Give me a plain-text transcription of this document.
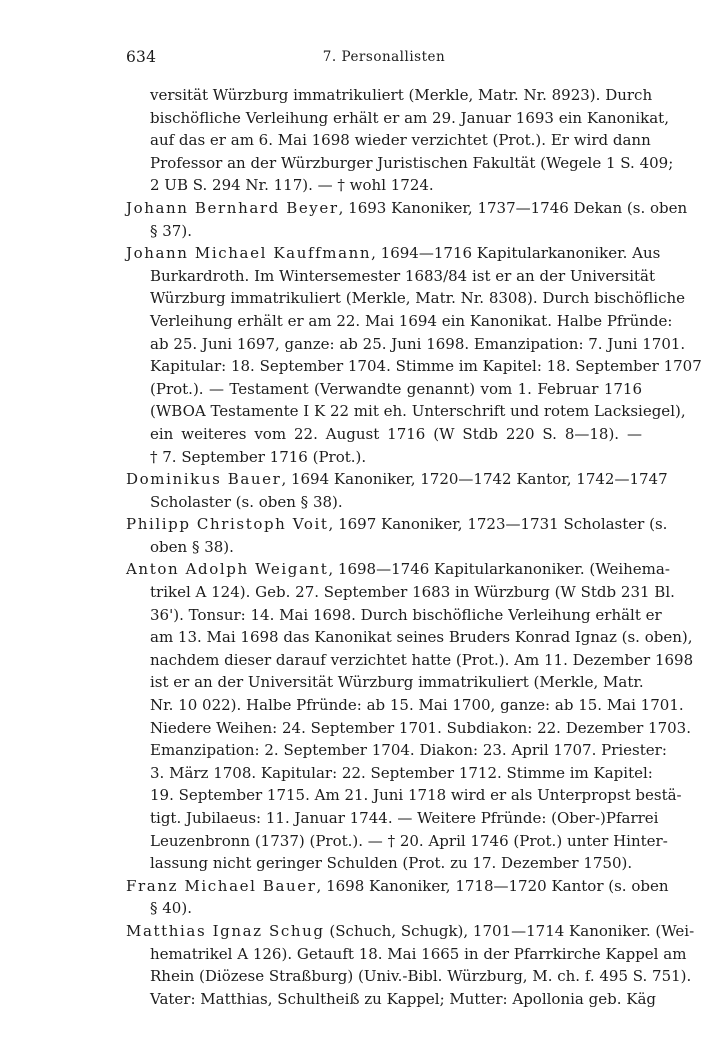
634	7. Personallisten
versität Würzburg immatrikuliert (Merkle, Matr. Nr. 8923). Durch
bischöfliche Verleihung erhält er am 29. Januar 1693 ein Kanonikat,
auf das er am 6. Mai 1698 wieder verzichtet (Prot.). Er wird dann
Professor an der Würzburger Juristischen Fakultät (Wegele 1 S. 409;
2 UB S. 294 Nr. 117). — † wohl 1724.
Johann Bernhard Beyer, 1693 Kanoniker, 1737—1746 Dekan (s. oben
§ 37).
Johann Michael Kauffmann, 1694—1716 Kapitularkanoniker. Aus
Burkardroth. Im Wintersemester 1683/84 ist er an der Universität
Würzburg immatrikuliert (Merkle, Matr. Nr. 8308). Durch bischöfliche
Verleihung erhält er am 22. Mai 1694 ein Kanonikat. Halbe Pfründe:
ab 25. Juni 1697, ganze: ab 25. Juni 1698. Emanzipation: 7. Juni 1701.
Kapitular: 18. September 1704. Stimme im Kapitel: 18. September 1707
(Prot.). — Testament (Verwandte genannt) vom 1. Februar 1716
(WBOA Testamente I K 22 mit eh. Unterschrift und rotem Lacksiegel),
ein weiteres vom 22. August 1716 (W Stdb 220 S. 8—18). —
† 7. September 1716 (Prot.).
Dominikus Bauer, 1694 Kanoniker, 1720—1742 Kantor, 1742—1747
Scholaster (s. oben § 38).
Philipp Christoph Voit, 1697 Kanoniker, 1723—1731 Scholaster (s.
oben § 38).
Anton Adolph Weigant, 1698—1746 Kapitularkanoniker. (Weihema-
trikel A 124). Geb. 27. September 1683 in Würzburg (W Stdb 231 Bl.
36'). Tonsur: 14. Mai 1698. Durch bischöfliche Verleihung erhält er
am 13. Mai 1698 das Kanonikat seines Bruders Konrad Ignaz (s. oben),
nachdem dieser darauf verzichtet hatte (Prot.). Am 11. Dezember 1698
ist er an der Universität Würzburg immatrikuliert (Merkle, Matr.
Nr. 10 022). Halbe Pfründe: ab 15. Mai 1700, ganze: ab 15. Mai 1701.
Niedere Weihen: 24. September 1701. Subdiakon: 22. Dezember 1703.
Emanzipation: 2. September 1704. Diakon: 23. April 1707. Priester:
3. März 1708. Kapitular: 22. September 1712. Stimme im Kapitel:
19. September 1715. Am 21. Juni 1718 wird er als Unterpropst bestä-
tigt. Jubilaeus: 11. Januar 1744. — Weitere Pfründe: (Ober-)Pfarrei
Leuzenbronn (1737) (Prot.). — † 20. April 1746 (Prot.) unter Hinter-
lassung nicht geringer Schulden (Prot. zu 17. Dezember 1750).
Franz Michael Bauer, 1698 Kanoniker, 1718—1720 Kantor (s. oben
§ 40).
Matthias Ignaz Schug (Schuch, Schugk), 1701—1714 Kanoniker. (Wei-
hematrikel A 126). Getauft 18. Mai 1665 in der Pfarrkirche Kappel am
Rhein (Diözese Straßburg) (Univ.-Bibl. Würzburg, M. ch. f. 495 S. 751).
Vater: Matthias, Schultheiß zu Kappel; Mutter: Apollonia geb. Käg
